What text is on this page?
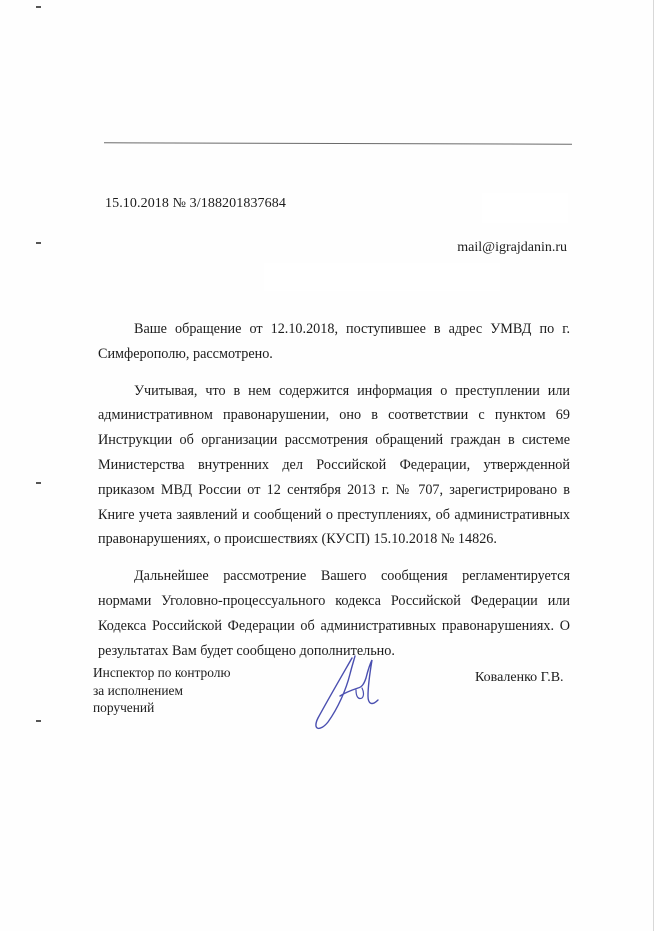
15.10.2018 № 3/188201837684
mail@igrajdanin.ru

Ваше обращение от 12.10.2018, поступившее в адрес УМВД по г. Симферополю, рассмотрено.

Учитывая, что в нем содержится информация о преступлении или административном правонарушении, оно в соответствии с пунктом 69 Инструкции об организации рассмотрения обращений граждан в системе Министерства внутренних дел Российской Федерации, утвержденной приказом МВД России от 12 сентября 2013 г. № 707, зарегистрировано в Книге учета заявлений и сообщений о преступлениях, об административных правонарушениях, о происшествиях (КУСП) 15.10.2018 № 14826.

Дальнейшее рассмотрение Вашего сообщения регламентируется нормами Уголовно-процессуального кодекса Российской Федерации или Кодекса Российской Федерации об административных правонарушениях. О результатах Вам будет сообщено дополнительно.

Инспектор по контролю
за исполнением
поручений
Коваленко Г.В.
